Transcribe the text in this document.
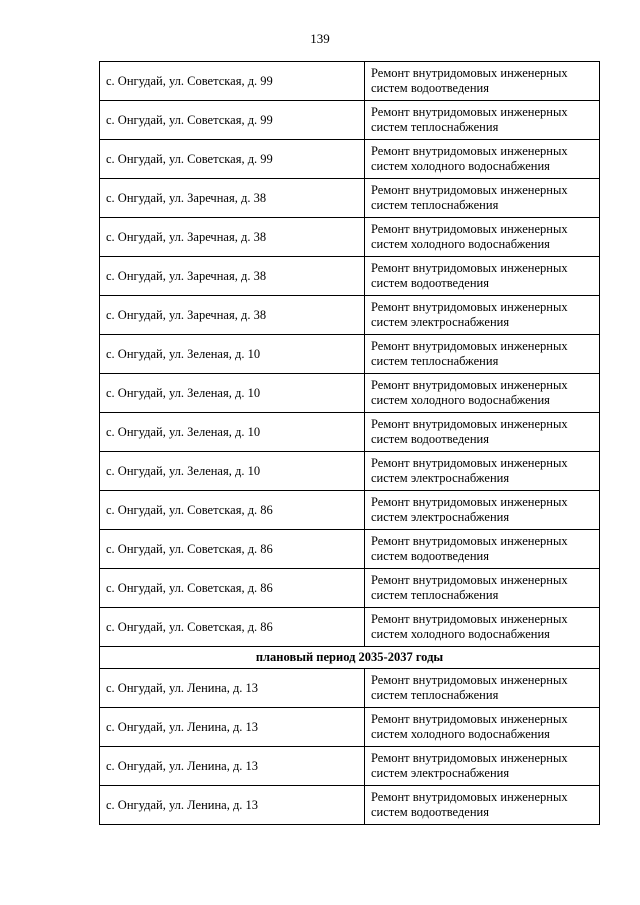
139
с. Онгудай, ул. Советская, д. 99	Ремонт внутридомовых инженерных систем водоотведения
с. Онгудай, ул. Советская, д. 99	Ремонт внутридомовых инженерных систем теплоснабжения
с. Онгудай, ул. Советская, д. 99	Ремонт внутридомовых инженерных систем холодного водоснабжения
с. Онгудай, ул. Заречная, д. 38	Ремонт внутридомовых инженерных систем теплоснабжения
с. Онгудай, ул. Заречная, д. 38	Ремонт внутридомовых инженерных систем холодного водоснабжения
с. Онгудай, ул. Заречная, д. 38	Ремонт внутридомовых инженерных систем водоотведения
с. Онгудай, ул. Заречная, д. 38	Ремонт внутридомовых инженерных систем электроснабжения
с. Онгудай, ул. Зеленая, д. 10	Ремонт внутридомовых инженерных систем теплоснабжения
с. Онгудай, ул. Зеленая, д. 10	Ремонт внутридомовых инженерных систем холодного водоснабжения
с. Онгудай, ул. Зеленая, д. 10	Ремонт внутридомовых инженерных систем водоотведения
с. Онгудай, ул. Зеленая, д. 10	Ремонт внутридомовых инженерных систем электроснабжения
с. Онгудай, ул. Советская, д. 86	Ремонт внутридомовых инженерных систем электроснабжения
с. Онгудай, ул. Советская, д. 86	Ремонт внутридомовых инженерных систем водоотведения
с. Онгудай, ул. Советская, д. 86	Ремонт внутридомовых инженерных систем теплоснабжения
с. Онгудай, ул. Советская, д. 86	Ремонт внутридомовых инженерных систем холодного водоснабжения
плановый период 2035-2037 годы	
с. Онгудай, ул. Ленина, д. 13	Ремонт внутридомовых инженерных систем теплоснабжения
с. Онгудай, ул. Ленина, д. 13	Ремонт внутридомовых инженерных систем холодного водоснабжения
с. Онгудай, ул. Ленина, д. 13	Ремонт внутридомовых инженерных систем электроснабжения
с. Онгудай, ул. Ленина, д. 13	Ремонт внутридомовых инженерных систем водоотведения
